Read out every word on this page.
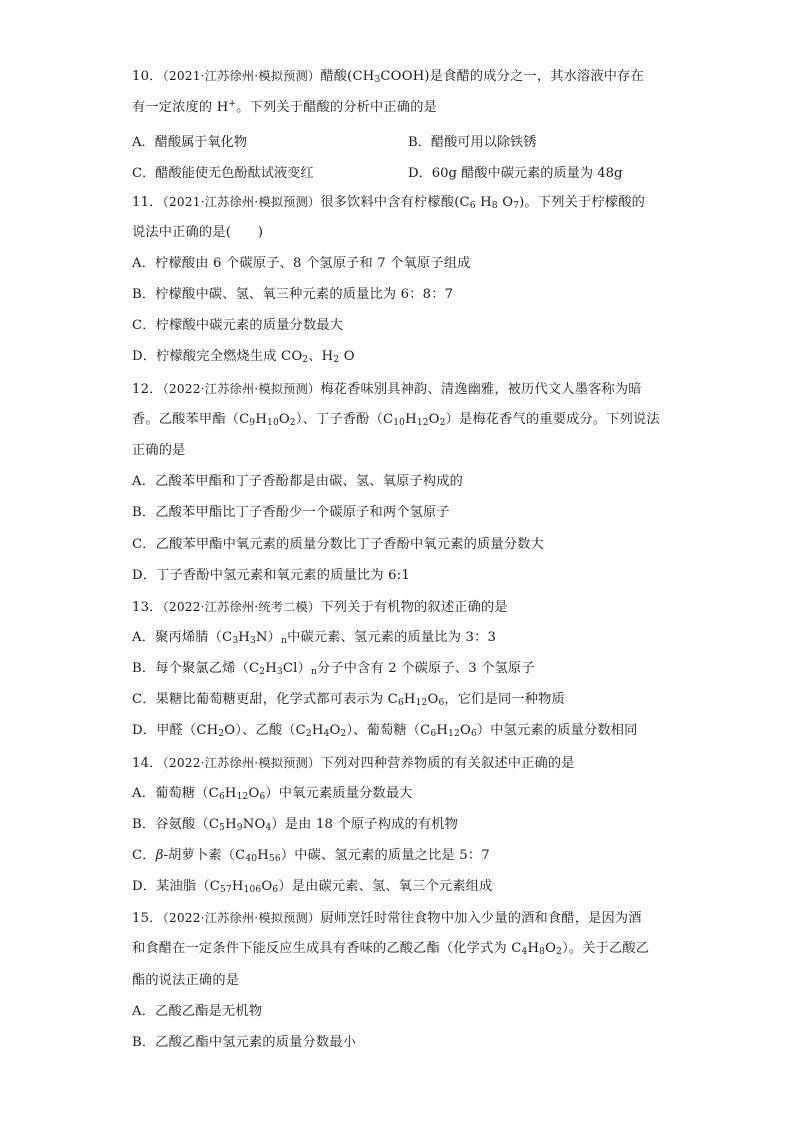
10．（2021·江苏徐州·模拟预测）醋酸$(CH_3COOH)$是食醋的成分之一，其水溶液中存在
有一定浓度的 H+。下列关于醋酸的分析中正确的是
A．醋酸属于氧化物	B．醋酸可用以除铁锈
C．醋酸能使无色酚酞试液变红	D．60g 醋酸中碳元素的质量为 48g
11．（2021·江苏徐州·模拟预测）很多饮料中含有柠檬酸($C_6$ $H_8$ $O_7$)。下列关于柠檬酸的
说法中正确的是(　　)
A．柠檬酸由 6 个碳原子、8 个氢原子和 7 个氧原子组成
B．柠檬酸中碳、氢、氧三种元素的质量比为 6：8：7
C．柠檬酸中碳元素的质量分数最大
D．柠檬酸完全燃烧生成 $CO_2$、$H_2$ O
12．（2022·江苏徐州·模拟预测）梅花香味别具神韵、清逸幽雅，被历代文人墨客称为暗
香。乙酸苯甲酯$(C_9H_{10}O_2)$、丁子香酚$(C_{10}H_{12}O_2)$是梅花香气的重要成分。下列说法
正确的是
A．乙酸苯甲酯和丁子香酚都是由碳、氢、氧原子构成的
B．乙酸苯甲酯比丁子香酚少一个碳原子和两个氢原子
C．乙酸苯甲酯中氧元素的质量分数比丁子香酚中氧元素的质量分数大
D．丁子香酚中氢元素和氧元素的质量比为 6:1
13．（2022·江苏徐州·统考二模）下列关于有机物的叙述正确的是
A．聚丙烯腈$(C_3H_3N)_n$中碳元素、氢元素的质量比为 3：3
B．每个聚氯乙烯$(C_2H_3Cl)_n$分子中含有 2 个碳原子、3 个氢原子
C．果糖比葡萄糖更甜，化学式都可表示为 $C_6H_{12}O_6$，它们是同一种物质
D．甲醛$(CH_2O)$、乙酸$(C_2H_4O_2)$、葡萄糖$(C_6H_{12}O_6)$中氢元素的质量分数相同
14．（2022·江苏徐州·模拟预测）下列对四种营养物质的有关叙述中正确的是
A．葡萄糖$(C_6H_{12}O_6)$中氧元素质量分数最大
B．谷氨酸$(C_5H_9NO_4)$是由 18 个原子构成的有机物
C．β-胡萝卜素$(C_{40}H_{56})$中碳、氢元素的质量之比是 5：7
D．某油脂$(C_{57}H_{106}O_6)$是由碳元素、氢、氧三个元素组成
15．（2022·江苏徐州·模拟预测）厨师烹饪时常往食物中加入少量的酒和食醋，是因为酒
和食醋在一定条件下能反应生成具有香味的乙酸乙酯（化学式为 $C_4H_8O_2$）。关于乙酸乙
酯的说法正确的是
A．乙酸乙酯是无机物
B．乙酸乙酯中氢元素的质量分数最小
